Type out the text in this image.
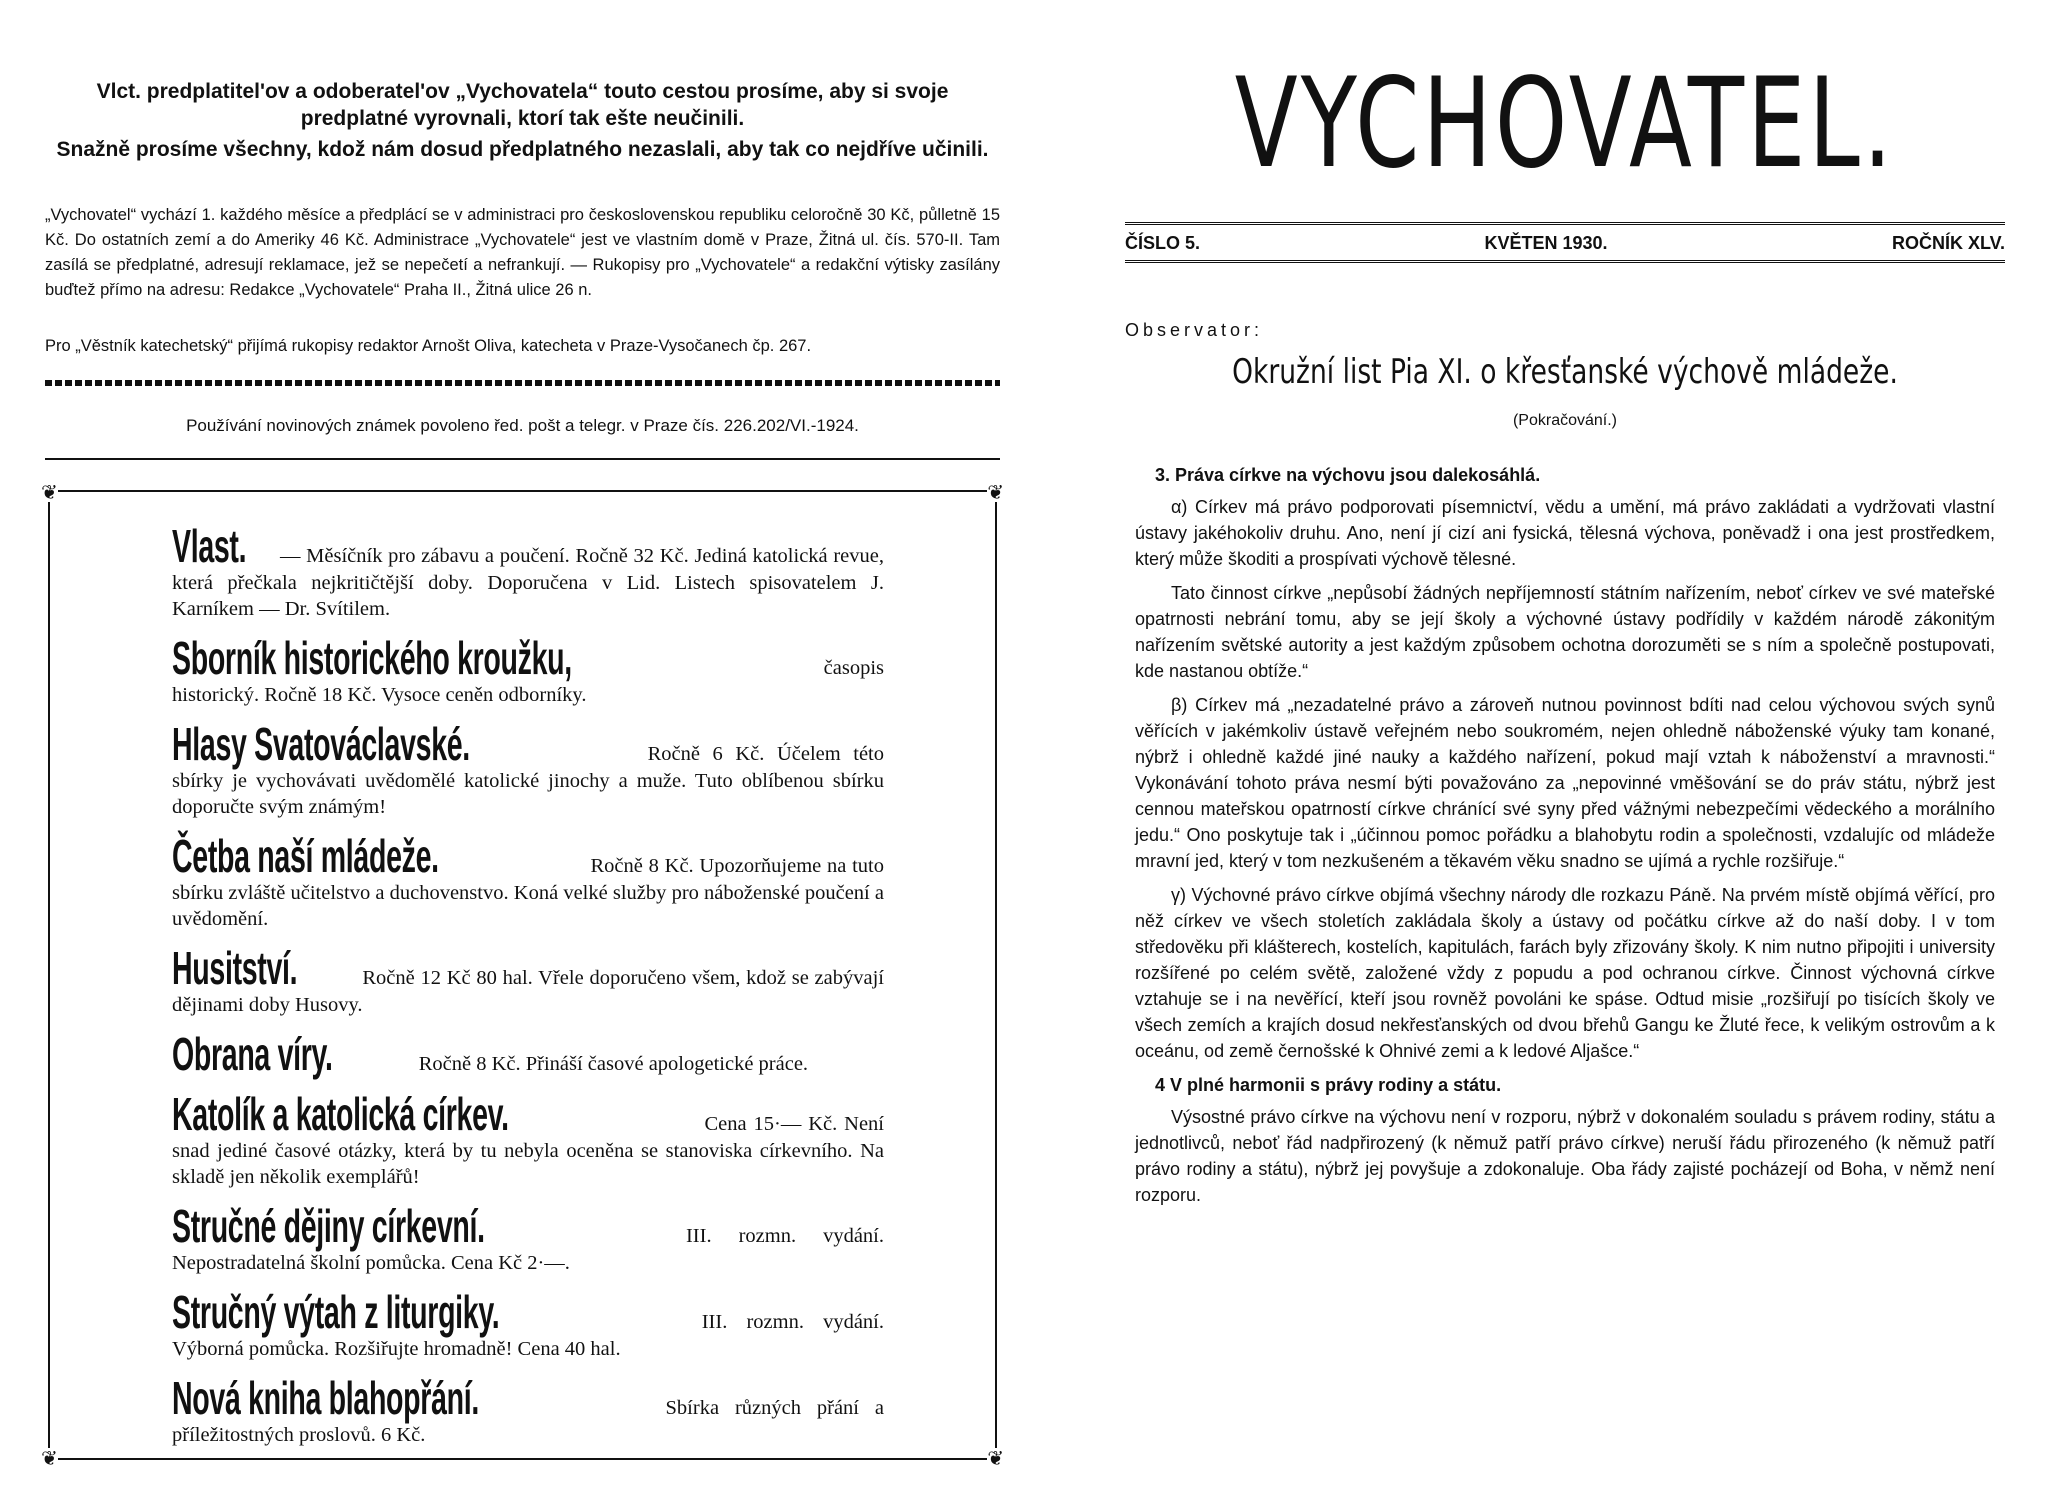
Vlct. predplatitel'ov a odoberatel'ov „Vychovatela“ touto cestou prosíme, aby si svoje predplatné vyrovnali, ktorí tak ešte neučinili.
Snažně prosíme všechny, kdož nám dosud předplatného nezaslali, aby tak co nejdříve učinili.
„Vychovatel“ vychází 1. každého měsíce a předplácí se v administraci pro československou republiku celoročně 30 Kč, půlletně 15 Kč. Do ostatních zemí a do Ameriky 46 Kč. Administrace „Vychovatele“ jest ve vlastním domě v Praze, Žitná ul. čís. 570-II. Tam zasílá se předplatné, adresují reklamace, jež se nepečetí a nefrankují. — Rukopisy pro „Vychovatele“ a redakční výtisky zasílány buďtež přímo na adresu: Redakce „Vychovatele“ Praha II., Žitná ulice 26 n.
Pro „Věstník katechetský“ přijímá rukopisy redaktor Arnošt Oliva, katecheta v Praze-Vysočanech čp. 267.
Používání novinových známek povoleno řed. pošt a telegr. v Praze čís. 226.202/VI.-1924.
❦	❦
❦	❦
Vlast. — Měsíčník pro zábavu a poučení. Ročně 32 Kč. Jediná katolická revue, která přečkala nejkritičtější doby. Doporučena v Lid. Listech spisovatelem J. Karníkem — Dr. Svítilem.
Sborník historického kroužku,	časopis historický. Ročně 18 Kč. Vysoce ceněn odborníky.
Hlasy Svatováclavské.	Ročně 6 Kč. Účelem této sbírky je vychovávati uvědomělé katolické jinochy a muže. Tuto oblíbenou sbírku doporučte svým známým!
Četba naší mládeže.	Ročně 8 Kč. Upozorňujeme na tuto sbírku zvláště učitelstvo a duchovenstvo. Koná velké služby pro náboženské poučení a uvědomění.
Husitství.	Ročně 12 Kč 80 hal. Vřele doporučeno všem, kdož se zabývají dějinami doby Husovy.
Obrana víry.	Ročně 8 Kč. Přináší časové apologetické práce.
Katolík a katolická církev.	Cena 15·— Kč. Není snad jediné časové otázky, která by tu nebyla oceněna se stanoviska církevního. Na skladě jen několik exemplářů!
Stručné dějiny církevní.	III. rozmn. vydání. Nepostradatelná školní pomůcka. Cena Kč 2·—.
Stručný výtah z liturgiky.	III. rozmn. vydání. Výborná pomůcka. Rozšiřujte hromadně! Cena 40 hal.
Nová kniha blahopřání.	Sbírka různých přání a příležitostných proslovů. 6 Kč.
VYCHOVATEL.
ČÍSLO 5.	KVĚTEN 1930.	ROČNÍK XLV.
Observator:
Okružní list Pia XI. o křesťanské výchově mládeže.
(Pokračování.)
3. Práva církve na výchovu jsou dalekosáhlá.

α) Církev má právo podporovati písemnictví, vědu a umění, má právo zakládati a vydržovati vlastní ústavy jakéhokoliv druhu. Ano, není jí cizí ani fysická, tělesná výchova, poněvadž i ona jest prostředkem, který může škoditi a prospívati výchově tělesné.

Tato činnost církve „nepůsobí žádných nepříjemností státním nařízením, neboť církev ve své mateřské opatrnosti nebrání tomu, aby se její školy a výchovné ústavy podřídily v každém národě zákonitým nařízením světské autority a jest každým způsobem ochotna dorozuměti se s ním a společně postupovati, kde nastanou obtíže.“

β) Církev má „nezadatelné právo a zároveň nutnou povinnost bdíti nad celou výchovou svých synů věřících v jakémkoliv ústavě veřejném nebo soukromém, nejen ohledně náboženské výuky tam konané, nýbrž i ohledně každé jiné nauky a každého nařízení, pokud mají vztah k náboženství a mravnosti.“ Vykonávání tohoto práva nesmí býti považováno za „nepovinné vměšování se do práv státu, nýbrž jest cennou mateřskou opatrností církve chránící své syny před vážnými nebezpečími vědeckého a morálního jedu.“ Ono poskytuje tak i „účinnou pomoc pořádku a blahobytu rodin a společnosti, vzdalujíc od mládeže mravní jed, který v tom nezkušeném a těkavém věku snadno se ujímá a rychle rozšiřuje.“

γ) Výchovné právo církve objímá všechny národy dle rozkazu Páně. Na prvém místě objímá věřící, pro něž církev ve všech stoletích zakládala školy a ústavy od počátku církve až do naší doby. I v tom středověku při klášterech, kostelích, kapitulách, farách byly zřizovány školy. K nim nutno připojiti i university rozšířené po celém světě, založené vždy z popudu a pod ochranou církve. Činnost výchovná církve vztahuje se i na nevěřící, kteří jsou rovněž povoláni ke spáse. Odtud misie „rozšiřují po tisících školy ve všech zemích a krajích dosud nekřesťanských od dvou břehů Gangu ke Žluté řece, k velikým ostrovům a k oceánu, od země černošské k Ohnivé zemi a k ledové Aljašce.“

4 V plné harmonii s právy rodiny a státu.

Výsostné právo církve na výchovu není v rozporu, nýbrž v dokonalém souladu s právem rodiny, státu a jednotlivců, neboť řád nadpřirozený (k němuž patří právo církve) neruší řádu přirozeného (k němuž patří právo rodiny a státu), nýbrž jej povyšuje a zdokonaluje. Oba řády zajisté pocházejí od Boha, v němž není rozporu.
